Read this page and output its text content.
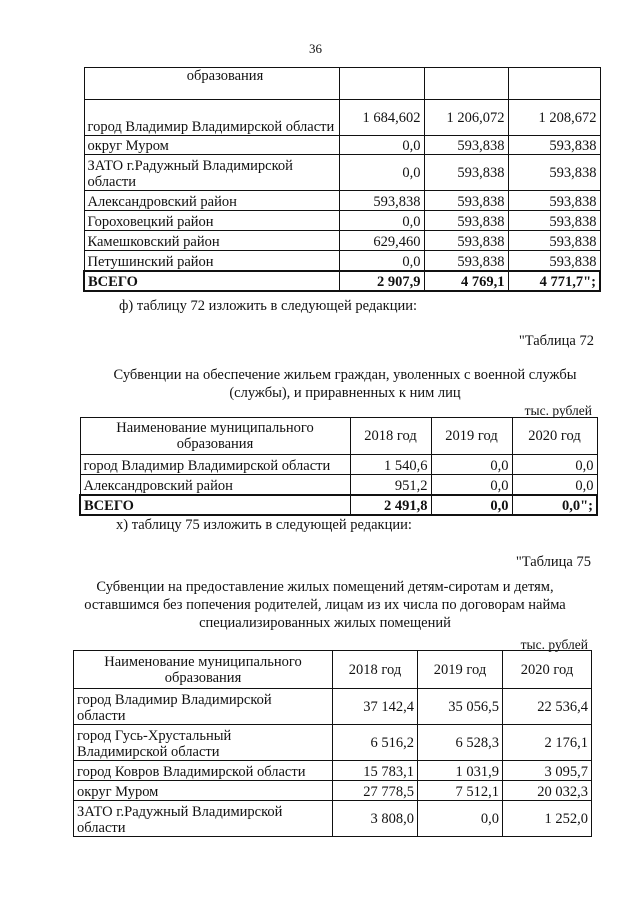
36
образования			
город Владимир Владимирской области	1 684,602	1 206,072	1 208,672
округ Муром	0,0	593,838	593,838
ЗАТО г.Радужный Владимирской области	0,0	593,838	593,838
Александровский район	593,838	593,838	593,838
Гороховецкий район	0,0	593,838	593,838
Камешковский район	629,460	593,838	593,838
Петушинский район	0,0	593,838	593,838
ВСЕГО	2 907,9	4 769,1	4 771,7";
ф) таблицу 72 изложить в следующей редакции:
"Таблица 72
Субвенции на обеспечение жильем граждан, уволенных с военной службы
(службы), и приравненных к ним лиц
тыс. рублей
Наименование муниципального
образования	2018 год	2019 год	2020 год
город Владимир Владимирской области	1 540,6	0,0	0,0
Александровский район	951,2	0,0	0,0
ВСЕГО	2 491,8	0,0	0,0";
х) таблицу 75 изложить в следующей редакции:
"Таблица 75
Субвенции на предоставление жилых помещений детям-сиротам и детям,
оставшимся без попечения родителей, лицам из их числа по договорам найма
специализированных жилых помещений
тыс. рублей
Наименование муниципального
образования	2018 год	2019 год	2020 год

город Владимир Владимирской
области	37 142,4	35 056,5	22 536,4

город Гусь-Хрустальный
Владимирской области	6 516,2	6 528,3	2 176,1
город Ковров Владимирской области	15 783,1	1 031,9	3 095,7
округ Муром	27 778,5	7 512,1	20 032,3

ЗАТО г.Радужный Владимирской
области	3 808,0	0,0	1 252,0
